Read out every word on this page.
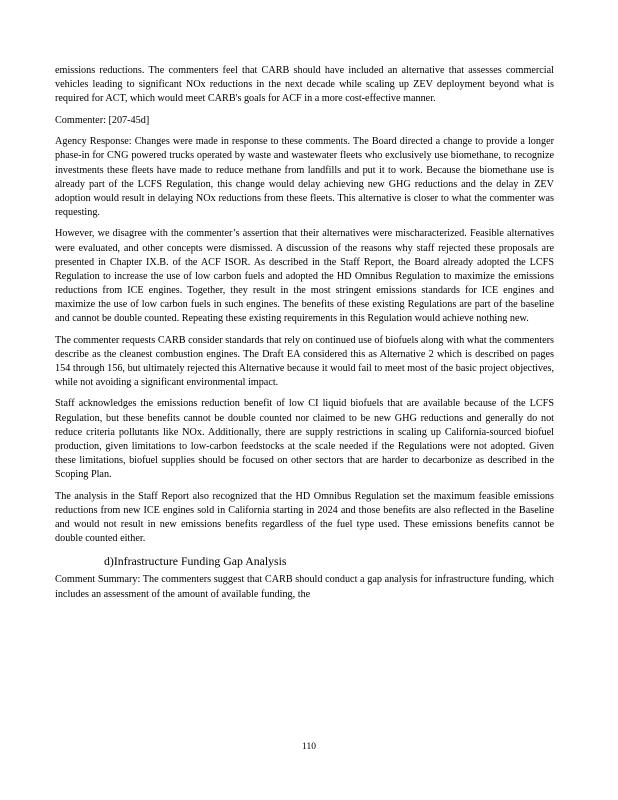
emissions reductions. The commenters feel that CARB should have included an alternative that assesses commercial vehicles leading to significant NOx reductions in the next decade while scaling up ZEV deployment beyond what is required for ACT, which would meet CARB's goals for ACF in a more cost-effective manner.

Commenter: [207-45d]

Agency Response: Changes were made in response to these comments. The Board directed a change to provide a longer phase-in for CNG powered trucks operated by waste and wastewater fleets who exclusively use biomethane, to recognize investments these fleets have made to reduce methane from landfills and put it to work. Because the biomethane use is already part of the LCFS Regulation, this change would delay achieving new GHG reductions and the delay in ZEV adoption would result in delaying NOx reductions from these fleets. This alternative is closer to what the commenter was requesting.

However, we disagree with the commenter’s assertion that their alternatives were mischaracterized. Feasible alternatives were evaluated, and other concepts were dismissed. A discussion of the reasons why staff rejected these proposals are presented in Chapter IX.B. of the ACF ISOR. As described in the Staff Report, the Board already adopted the LCFS Regulation to increase the use of low carbon fuels and adopted the HD Omnibus Regulation to maximize the emissions reductions from ICE engines. Together, they result in the most stringent emissions standards for ICE engines and maximize the use of low carbon fuels in such engines. The benefits of these existing Regulations are part of the baseline and cannot be double counted. Repeating these existing requirements in this Regulation would achieve nothing new.

The commenter requests CARB consider standards that rely on continued use of biofuels along with what the commenters describe as the cleanest combustion engines. The Draft EA considered this as Alternative 2 which is described on pages 154 through 156, but ultimately rejected this Alternative because it would fail to meet most of the basic project objectives, while not avoiding a significant environmental impact.

Staff acknowledges the emissions reduction benefit of low CI liquid biofuels that are available because of the LCFS Regulation, but these benefits cannot be double counted nor claimed to be new GHG reductions and generally do not reduce criteria pollutants like NOx. Additionally, there are supply restrictions in scaling up California-sourced biofuel production, given limitations to low-carbon feedstocks at the scale needed if the Regulations were not adopted. Given these limitations, biofuel supplies should be focused on other sectors that are harder to decarbonize as described in the Scoping Plan.

The analysis in the Staff Report also recognized that the HD Omnibus Regulation set the maximum feasible emissions reductions from new ICE engines sold in California starting in 2024 and those benefits are also reflected in the Baseline and would not result in new emissions benefits regardless of the fuel type used. These emissions benefits cannot be double counted either.

d)Infrastructure Funding Gap Analysis

Comment Summary: The commenters suggest that CARB should conduct a gap analysis for infrastructure funding, which includes an assessment of the amount of available funding, the

110
